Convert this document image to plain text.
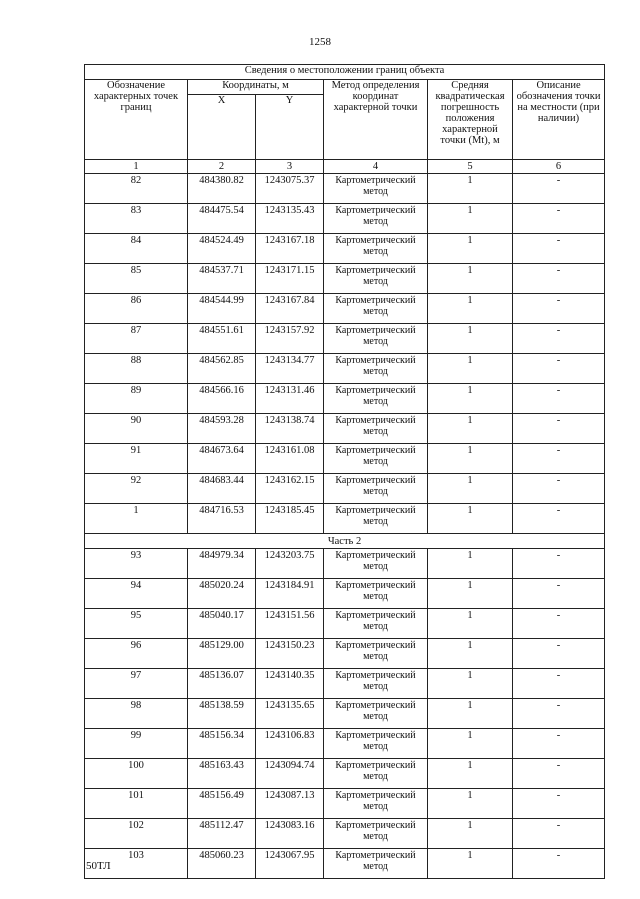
1258
Сведения о местоположении границ объекта					
Обозначение характерных точек границ	Координаты, м		Метод определения координат характерной точки	Средняя квадратическая погрешность положения характерной точки (Mt), м	Описание обозначения точки на местности (при наличии)
	X	Y			
1	2	3	4	5	6
82	484380.82	1243075.37	Картометрический метод	1	-
83	484475.54	1243135.43	Картометрический метод	1	-
84	484524.49	1243167.18	Картометрический метод	1	-
85	484537.71	1243171.15	Картометрический метод	1	-
86	484544.99	1243167.84	Картометрический метод	1	-
87	484551.61	1243157.92	Картометрический метод	1	-
88	484562.85	1243134.77	Картометрический метод	1	-
89	484566.16	1243131.46	Картометрический метод	1	-
90	484593.28	1243138.74	Картометрический метод	1	-
91	484673.64	1243161.08	Картометрический метод	1	-
92	484683.44	1243162.15	Картометрический метод	1	-
1	484716.53	1243185.45	Картометрический метод	1	-
Часть 2					
93	484979.34	1243203.75	Картометрический метод	1	-
94	485020.24	1243184.91	Картометрический метод	1	-
95	485040.17	1243151.56	Картометрический метод	1	-
96	485129.00	1243150.23	Картометрический метод	1	-
97	485136.07	1243140.35	Картометрический метод	1	-
98	485138.59	1243135.65	Картометрический метод	1	-
99	485156.34	1243106.83	Картометрический метод	1	-
100	485163.43	1243094.74	Картометрический метод	1	-
101	485156.49	1243087.13	Картометрический метод	1	-
102	485112.47	1243083.16	Картометрический метод	1	-
103	485060.23	1243067.95	Картометрический метод	1	-
50ТЛ
